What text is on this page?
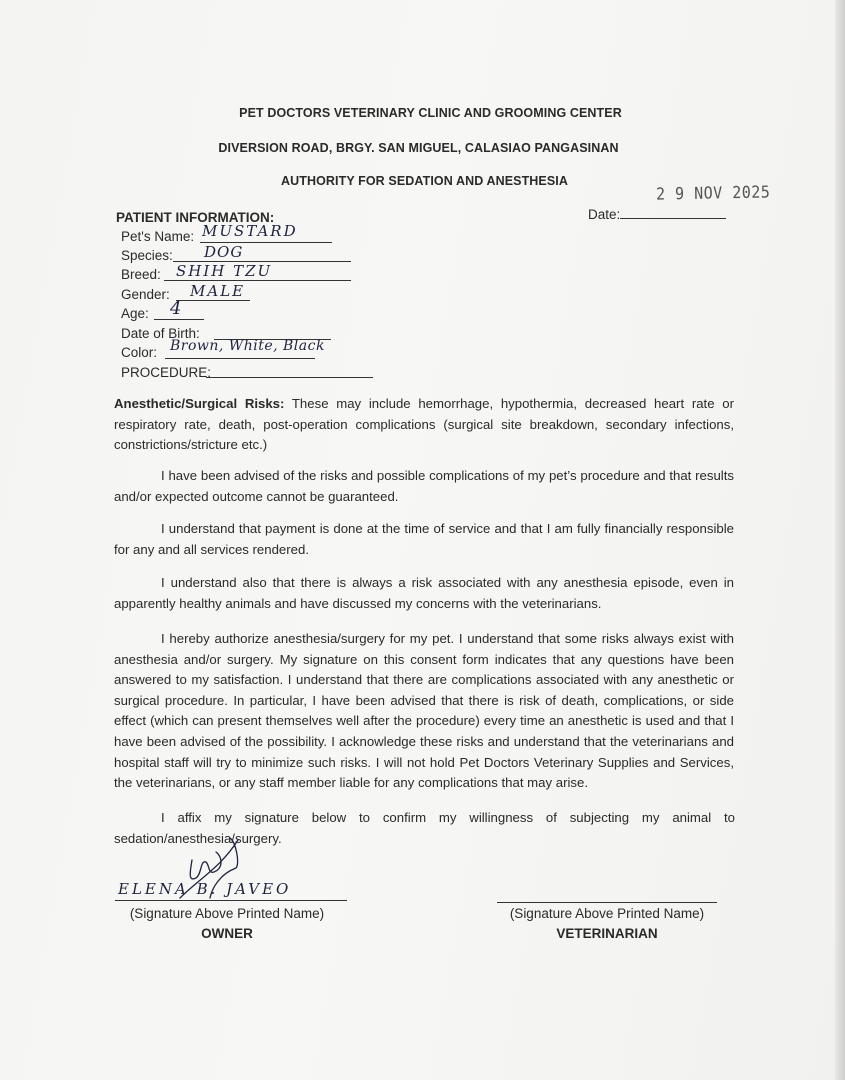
PET DOCTORS VETERINARY CLINIC AND GROOMING CENTER
DIVERSION ROAD, BRGY. SAN MIGUEL, CALASIAO PANGASINAN
AUTHORITY FOR SEDATION AND ANESTHESIA
2 9 NOV 2025
Date:
PATIENT INFORMATION:
Pet's Name: MUSTARD
Species: DOG
Breed: SHIH TZU
Gender: MALE
Age: 4
Date of Birth:
Color: Brown, White, Black
PROCEDURE:

Anesthetic/Surgical Risks: These may include hemorrhage, hypothermia, decreased heart rate or respiratory rate, death, post-operation complications (surgical site breakdown, secondary infections, constrictions/stricture etc.)

I have been advised of the risks and possible complications of my pet’s procedure and that results and/or expected outcome cannot be guaranteed.

I understand that payment is done at the time of service and that I am fully financially responsible for any and all services rendered.

I understand also that there is always a risk associated with any anesthesia episode, even in apparently healthy animals and have discussed my concerns with the veterinarians.

I hereby authorize anesthesia/surgery for my pet. I understand that some risks always exist with anesthesia and/or surgery. My signature on this consent form indicates that any questions have been answered to my satisfaction. I understand that there are complications associated with any anesthetic or surgical procedure. In particular, I have been advised that there is risk of death, complications, or side effect (which can present themselves well after the procedure) every time an anesthetic is used and that I have been advised of the possibility. I acknowledge these risks and understand that the veterinarians and hospital staff will try to minimize such risks. I will not hold Pet Doctors Veterinary Supplies and Services, the veterinarians, or any staff member liable for any complications that may arise.

I affix my signature below to confirm my willingness of subjecting my animal to sedation/anesthesia/surgery.

ELENA B. JAVEO
(Signature Above Printed Name)
OWNER
(Signature Above Printed Name)
VETERINARIAN
